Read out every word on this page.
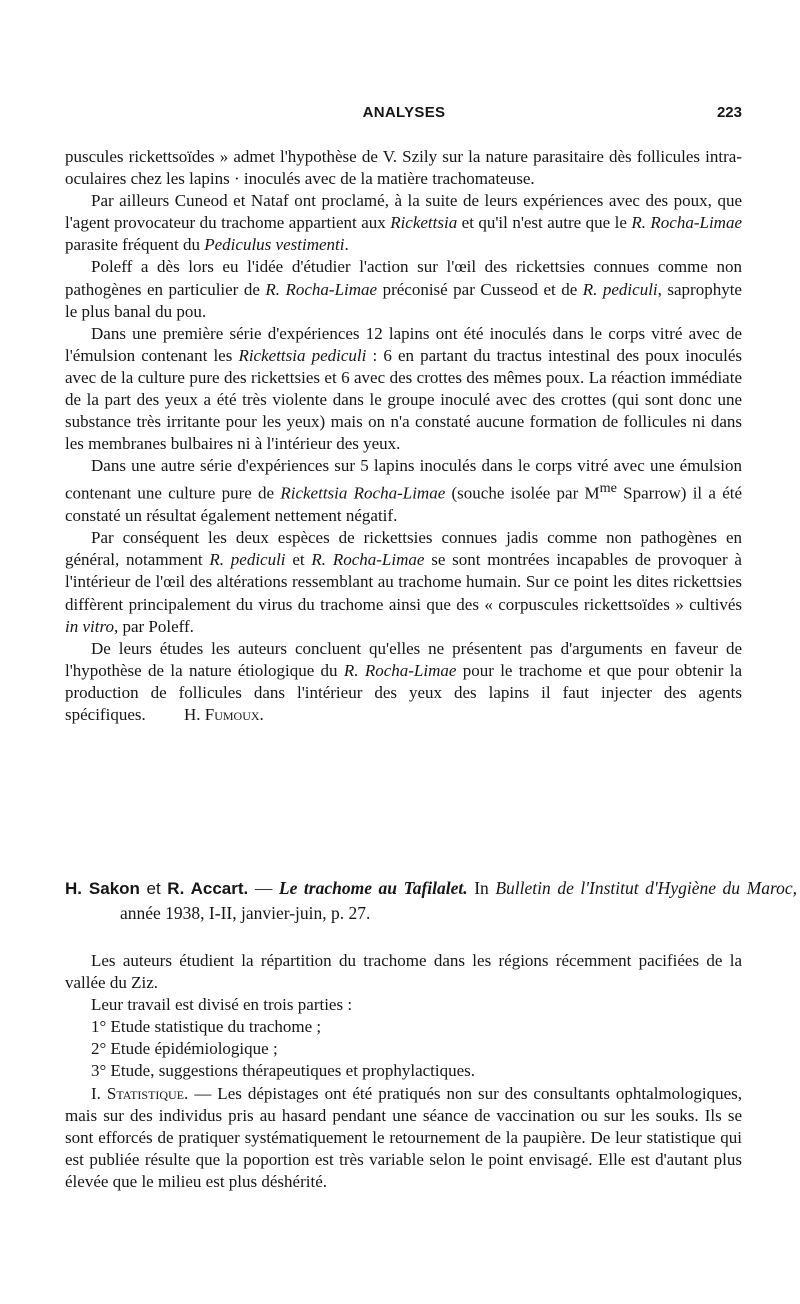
ANALYSES	223

puscules rickettsoïdes » admet l'hypothèse de V. Szily sur la nature parasitaire dès follicules intra-oculaires chez les lapins · inoculés avec de la matière trachomateuse.

Par ailleurs Cuneod et Nataf ont proclamé, à la suite de leurs expériences avec des poux, que l'agent provocateur du trachome appartient aux Rickettsia et qu'il n'est autre que le R. Rocha-Limae parasite fréquent du Pediculus vestimenti.

Poleff a dès lors eu l'idée d'étudier l'action sur l'œil des rickettsies connues comme non pathogènes en particulier de R. Rocha-Limae préconisé par Cusseod et de R. pediculi, saprophyte le plus banal du pou.

Dans une première série d'expériences 12 lapins ont été inoculés dans le corps vitré avec de l'émulsion contenant les Rickettsia pediculi : 6 en partant du tractus intestinal des poux inoculés avec de la culture pure des rickettsies et 6 avec des crottes des mêmes poux. La réaction immédiate de la part des yeux a été très violente dans le groupe inoculé avec des crottes (qui sont donc une substance très irritante pour les yeux) mais on n'a constaté aucune formation de follicules ni dans les membranes bulbaires ni à l'intérieur des yeux.

Dans une autre série d'expériences sur 5 lapins inoculés dans le corps vitré avec une émulsion contenant une culture pure de Rickettsia Rocha-Limae (souche isolée par $M^{me}$ Sparrow) il a été constaté un résultat également nettement négatif.

Par conséquent les deux espèces de rickettsies connues jadis comme non pathogènes en général, notamment R. pediculi et R. Rocha-Limae se sont montrées incapables de provoquer à l'intérieur de l'œil des altérations ressemblant au trachome humain. Sur ce point les dites rickettsies diffèrent principalement du virus du trachome ainsi que des « corpuscules rickettsoïdes » cultivés in vitro, par Poleff.

De leurs études les auteurs concluent qu'elles ne présentent pas d'arguments en faveur de l'hypothèse de la nature étiologique du R. Rocha-Limae pour le trachome et que pour obtenir la production de follicules dans l'intérieur des yeux des lapins il faut injecter des agents spécifiques. H. Fumoux.

H. Sakon et R. Accart. — Le trachome au Tafilalet. In Bulletin de l'Institut d'Hygiène du Maroc, année 1938, I-II, janvier-juin, p. 27.

Les auteurs étudient la répartition du trachome dans les régions récemment pacifiées de la vallée du Ziz.

Leur travail est divisé en trois parties :

1° Etude statistique du trachome ;

2° Etude épidémiologique ;

3° Etude, suggestions thérapeutiques et prophylactiques.

I. Statistique. — Les dépistages ont été pratiqués non sur des consultants ophtalmologiques, mais sur des individus pris au hasard pendant une séance de vaccination ou sur les souks. Ils se sont efforcés de pratiquer systématiquement le retournement de la paupière. De leur statistique qui est publiée résulte que la poportion est très variable selon le point envisagé. Elle est d'autant plus élevée que le milieu est plus déshérité.
